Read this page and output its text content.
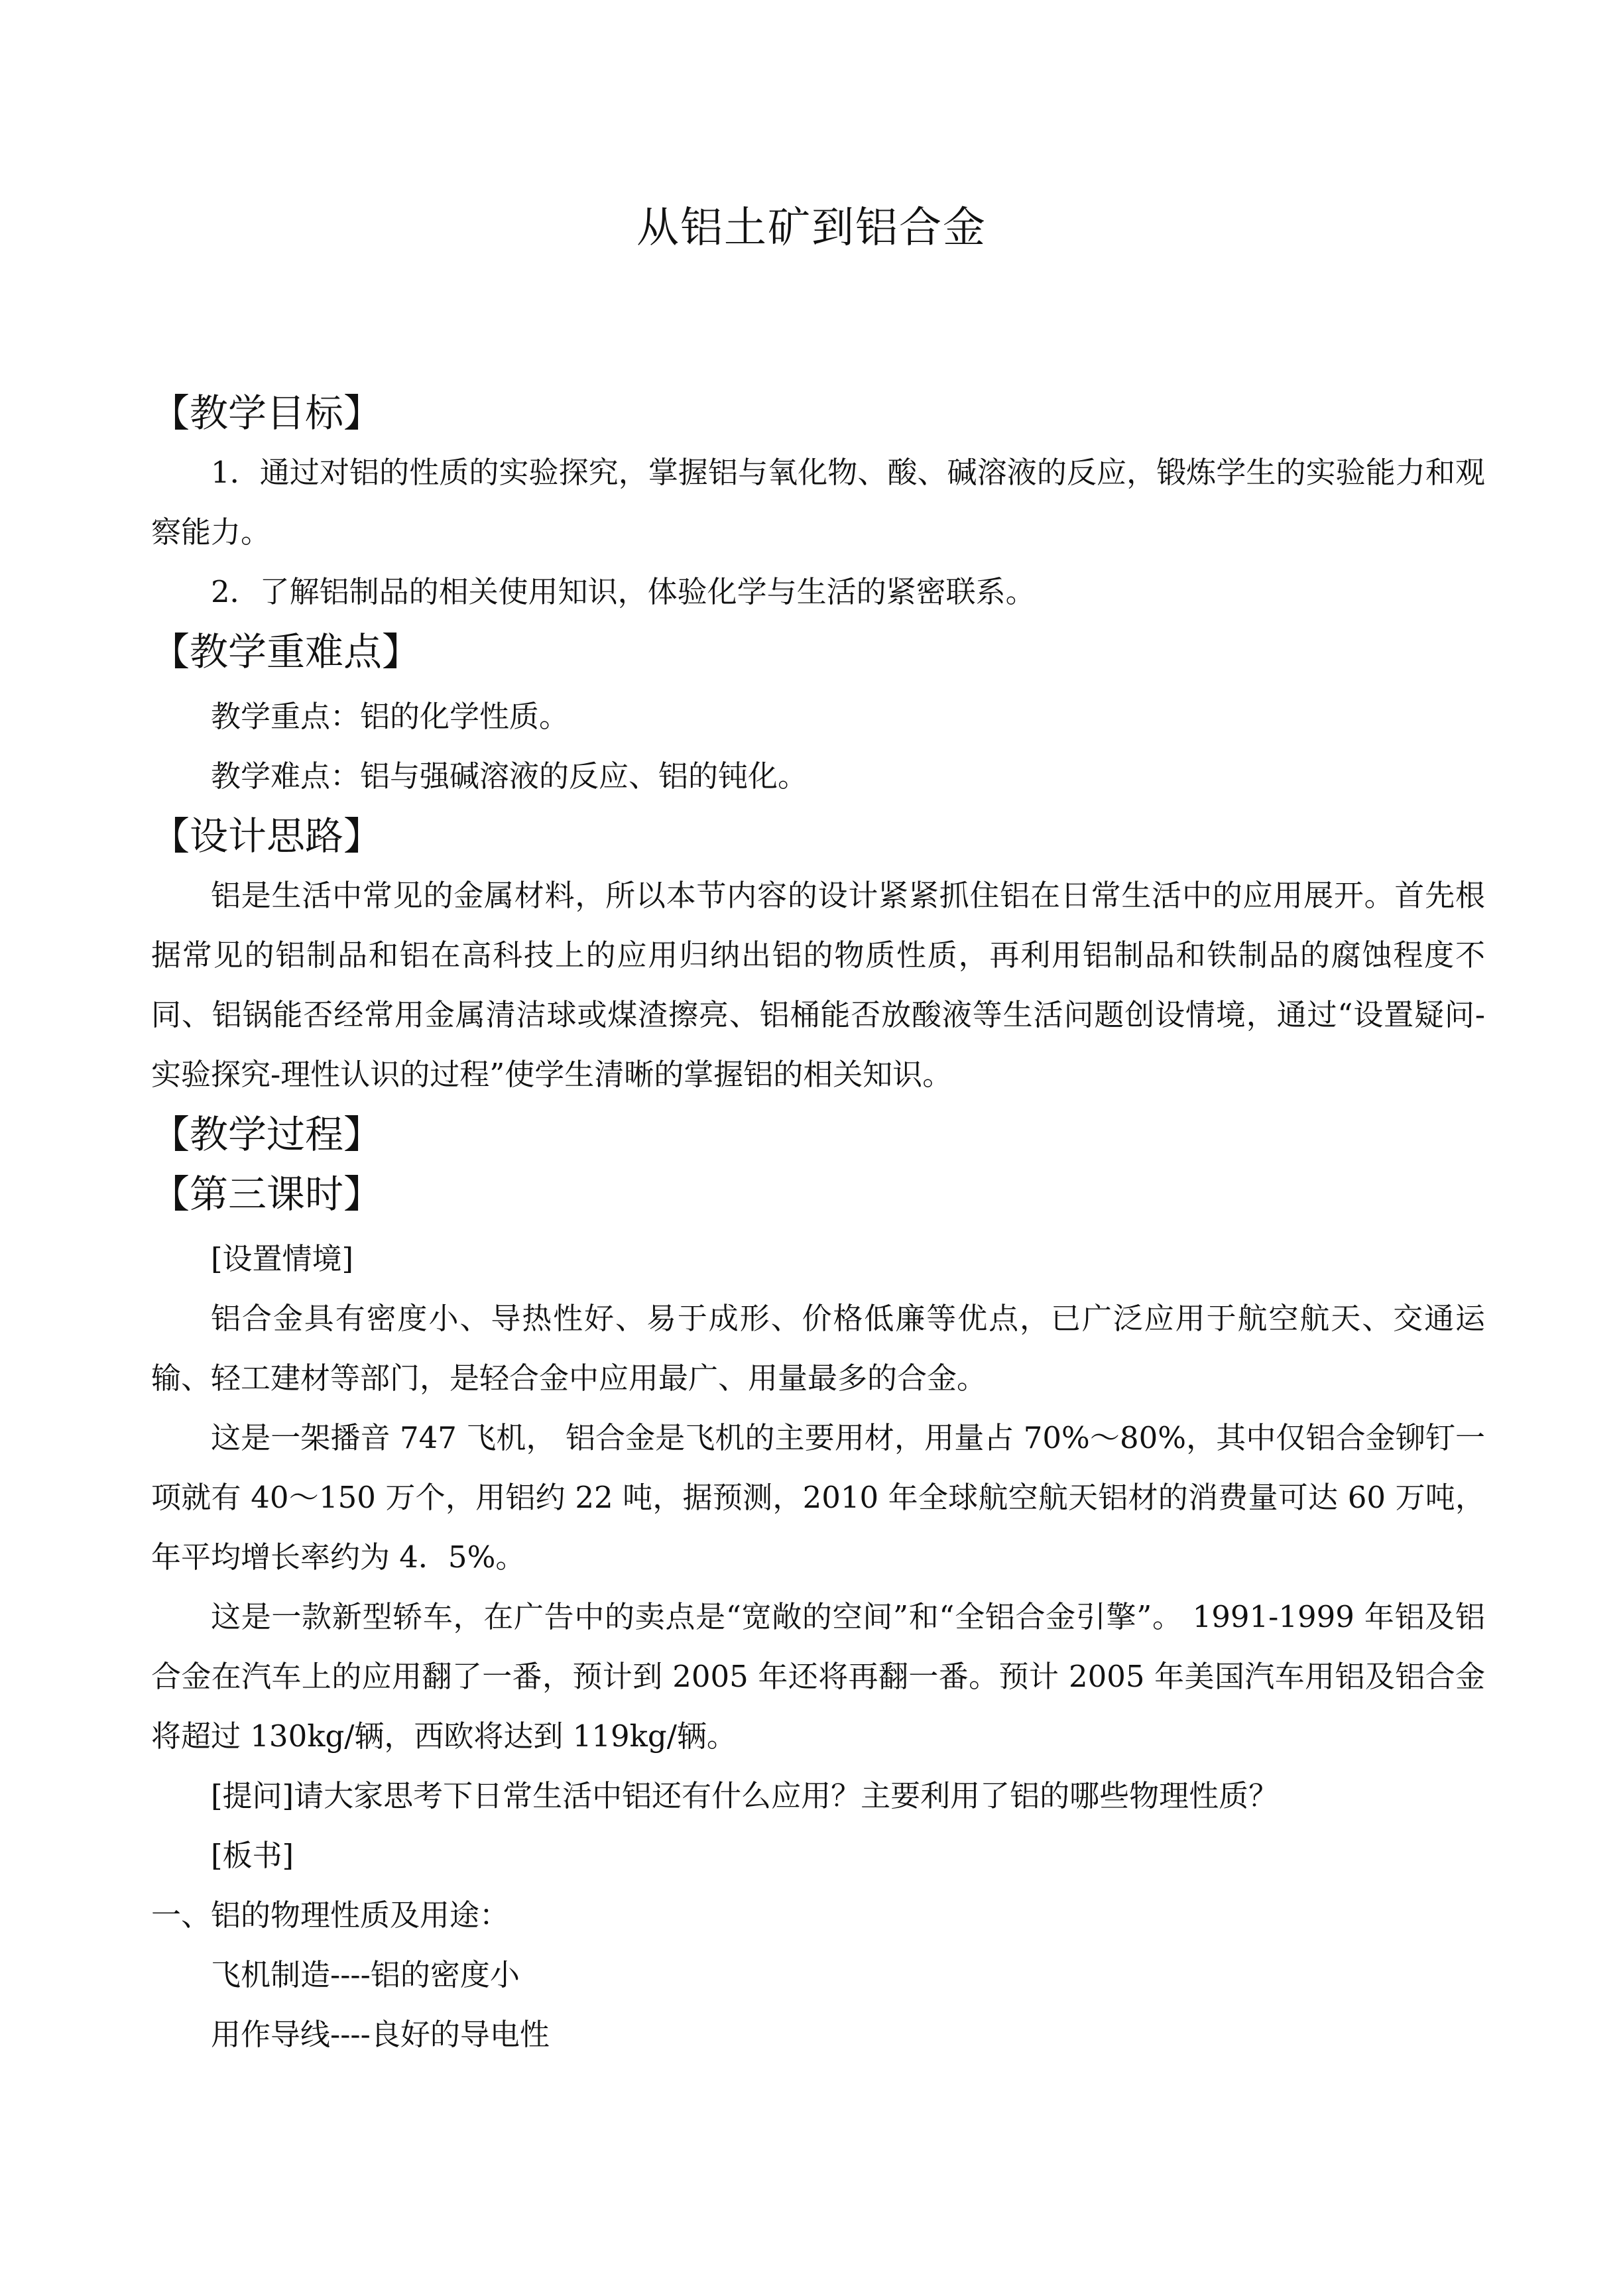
从铝土矿到铝合金
【教学目标】

1．通过对铝的性质的实验探究，掌握铝与氧化物、酸、碱溶液的反应，锻炼学生的实验能力和观察能力。

2．了解铝制品的相关使用知识，体验化学与生活的紧密联系。

【教学重难点】
教学重点：铝的化学性质。
教学难点：铝与强碱溶液的反应、铝的钝化。
【设计思路】

铝是生活中常见的金属材料，所以本节内容的设计紧紧抓住铝在日常生活中的应用展开。首先根据常见的铝制品和铝在高科技上的应用归纳出铝的物质性质，再利用铝制品和铁制品的腐蚀程度不同、铝锅能否经常用金属清洁球或煤渣擦亮、铝桶能否放酸液等生活问题创设情境，通过“设置疑问-实验探究-理性认识的过程”使学生清晰的掌握铝的相关知识。

【教学过程】
【第三课时】
[设置情境]

铝合金具有密度小、导热性好、易于成形、价格低廉等优点，已广泛应用于航空航天、交通运输、轻工建材等部门，是轻合金中应用最广、用量最多的合金。

这是一架播音 747 飞机， 铝合金是飞机的主要用材，用量占 70%～80%，其中仅铝合金铆钉一项就有 40～150 万个，用铝约 22 吨，据预测，2010 年全球航空航天铝材的消费量可达 60 万吨，年平均增长率约为 4．5%。

这是一款新型轿车，在广告中的卖点是“宽敞的空间”和“全铝合金引擎”。 1991-1999 年铝及铝合金在汽车上的应用翻了一番，预计到 2005 年还将再翻一番。预计 2005 年美国汽车用铝及铝合金将超过 130kg/辆，西欧将达到 119kg/辆。

[提问]请大家思考下日常生活中铝还有什么应用？主要利用了铝的哪些物理性质？
[板书]
一、铝的物理性质及用途：
飞机制造----铝的密度小
用作导线----良好的导电性
